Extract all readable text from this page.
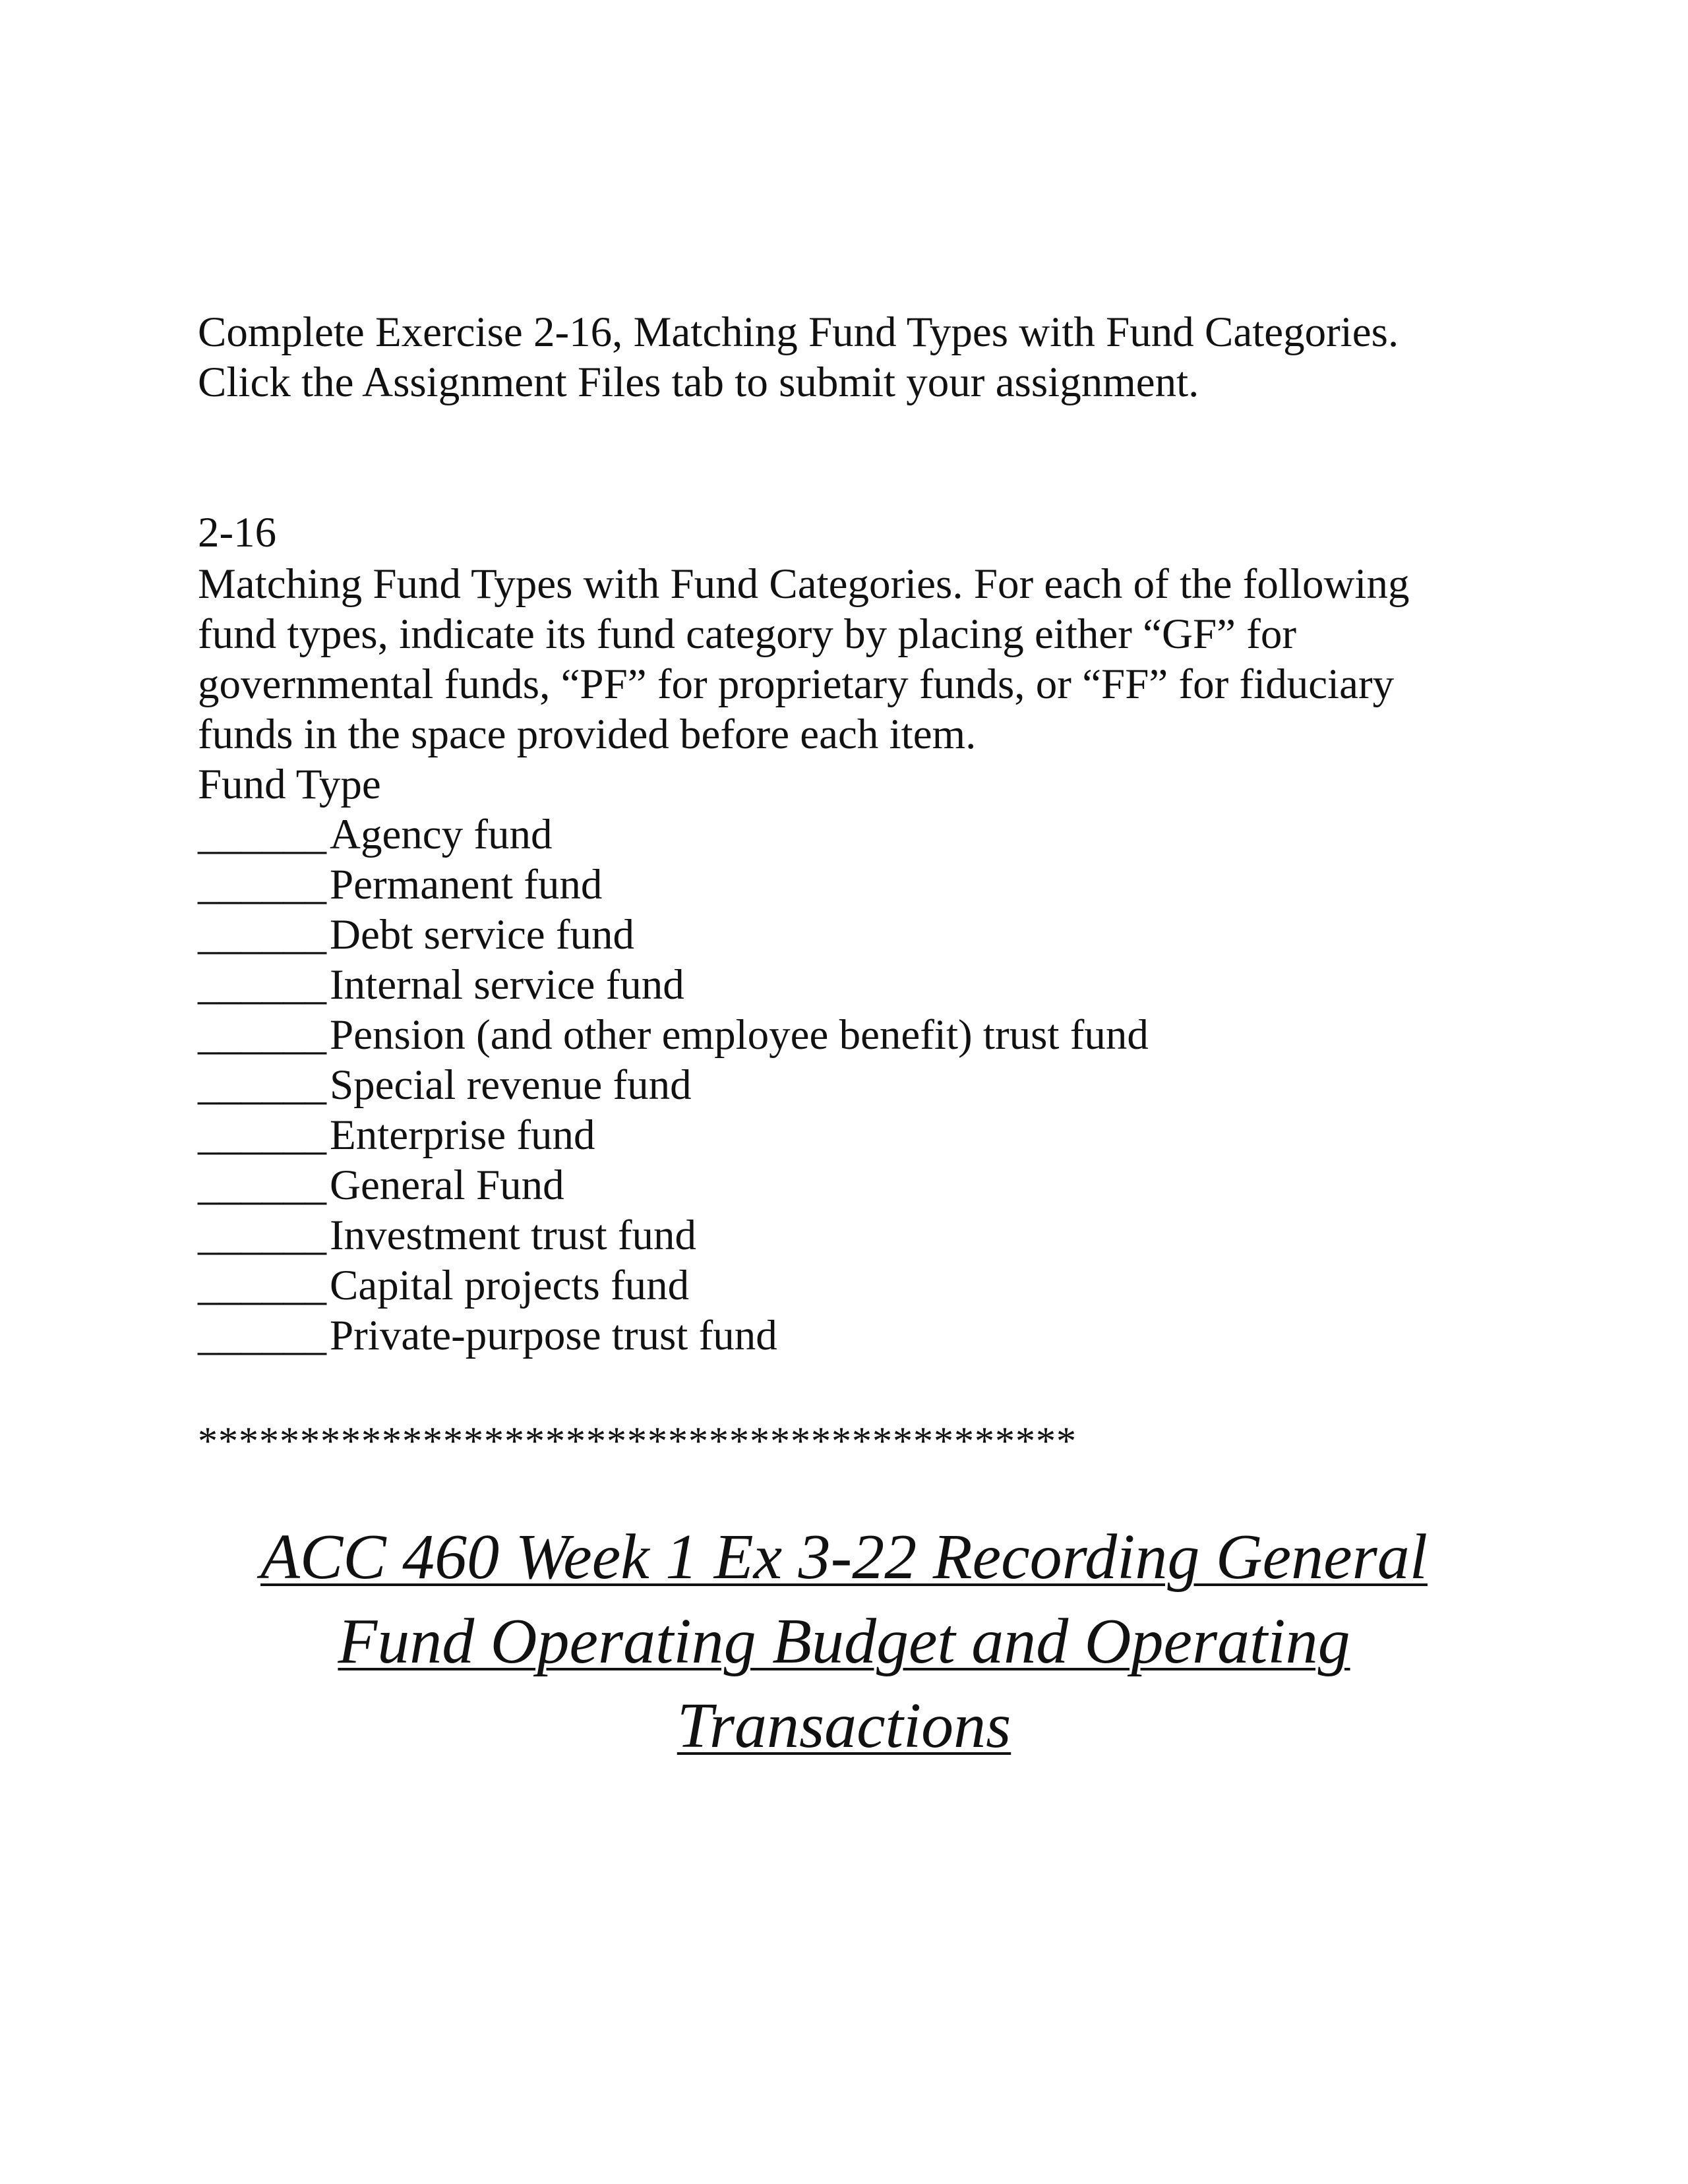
Complete Exercise 2-16, Matching Fund Types with Fund Categories.

Click the Assignment Files tab to submit your assignment.

2-16

Matching Fund Types with Fund Categories. For each of the following

fund types, indicate its fund category by placing either “GF” for

governmental funds, “PF” for proprietary funds, or “FF” for fiduciary

funds in the space provided before each item.

Fund Type

______Agency fund
______Permanent fund
______Debt service fund
______Internal service fund
______Pension (and other employee benefit) trust fund
______Special revenue fund
______Enterprise fund
______General Fund
______Investment trust fund
______Capital projects fund
______Private-purpose trust fund
*******************************************
ACC 460 Week 1 Ex 3-22 Recording General
Fund Operating Budget and Operating
Transactions
